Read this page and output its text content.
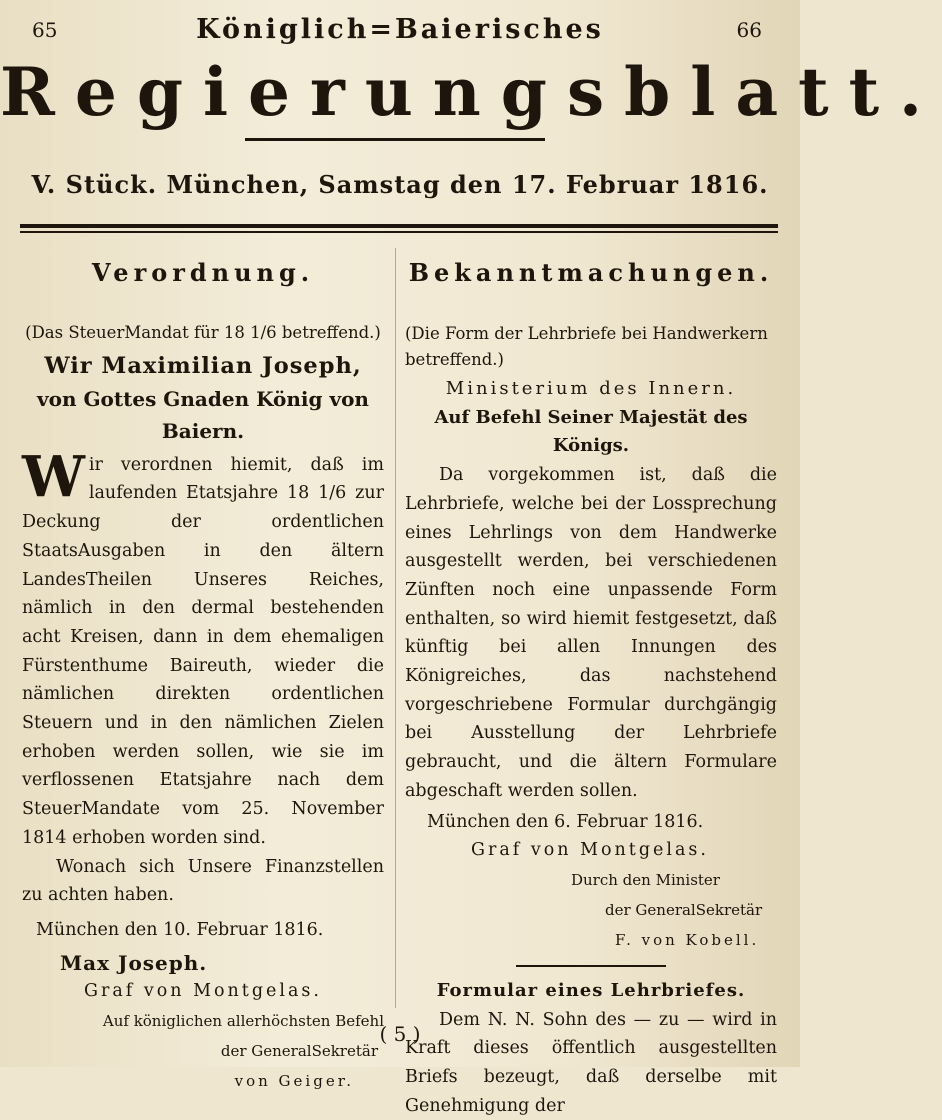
65	66
Königlich=Baierisches
Regierungsblatt.
V. Stück. München, Samstag den 17. Februar 1816.
Verordnung.
(Das SteuerMandat für 18 1/6 betreffend.)
Wir Maximilian Joseph,
von Gottes Gnaden König von Baiern.
Wir verordnen hiemit, daß im laufenden Etatsjahre 18 1/6 zur Deckung der ordentlichen StaatsAusgaben in den ältern LandesTheilen Unseres Reiches, nämlich in den dermal bestehenden acht Kreisen, dann in dem ehemaligen Fürstenthume Baireuth, wieder die nämlichen direkten ordentlichen Steuern und in den nämlichen Zielen erhoben werden sollen, wie sie im verflossenen Etatsjahre nach dem SteuerMandate vom 25. November 1814 erhoben worden sind.
Wonach sich Unsere Finanzstellen zu achten haben.
München den 10. Februar 1816.
Max Joseph.
Graf von Montgelas.
Auf königlichen allerhöchsten Befehl
der GeneralSekretär
von Geiger.
Bekanntmachungen.
(Die Form der Lehrbriefe bei Handwerkern betreffend.)
Ministerium des Innern.
Auf Befehl Seiner Majestät des Königs.
Da vorgekommen ist, daß die Lehrbriefe, welche bei der Lossprechung eines Lehrlings von dem Handwerke ausgestellt werden, bei verschiedenen Zünften noch eine unpassende Form enthalten, so wird hiemit festgesetzt, daß künftig bei allen Innungen des Königreiches, das nachstehend vorgeschriebene Formular durchgängig bei Ausstellung der Lehrbriefe gebraucht, und die ältern Formulare abgeschaft werden sollen.
München den 6. Februar 1816.
Graf von Montgelas.
Durch den Minister
der GeneralSekretär
F. von Kobell.
Formular eines Lehrbriefes.
Dem N. N. Sohn des — zu — wird in Kraft dieses öffentlich ausgestellten Briefs bezeugt, daß derselbe mit Genehmigung der
( 5 )
